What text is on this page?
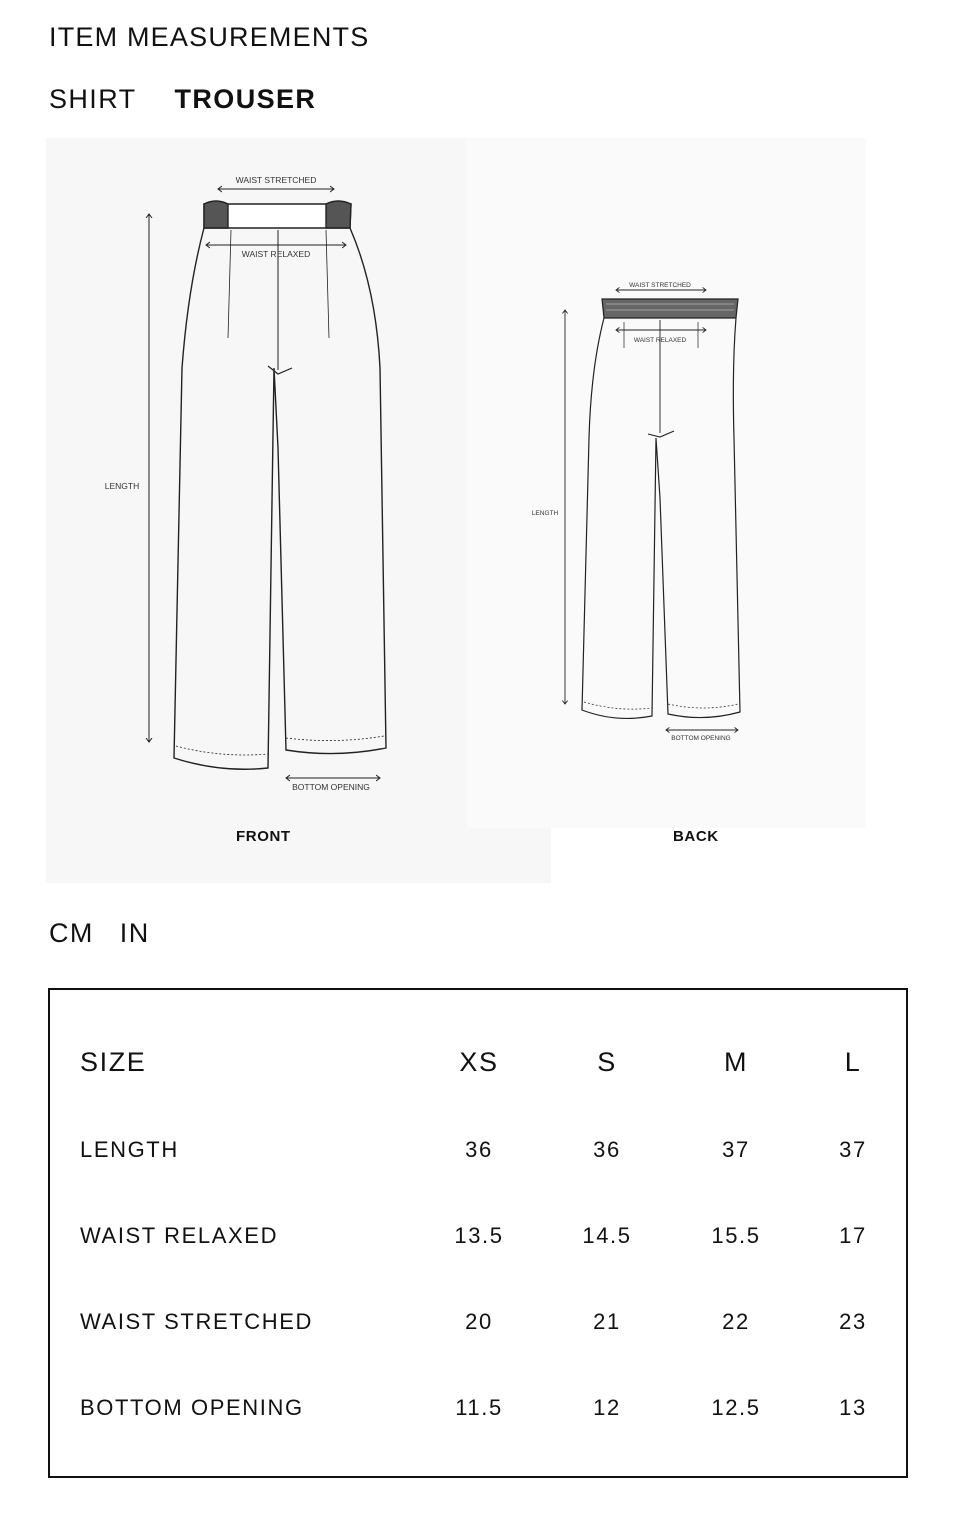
ITEM MEASUREMENTS
SHIRT TROUSER
WAIST STRETCHED
WAIST RELAXED
LENGTH
BOTTOM OPENING
WAIST STRETCHED
WAIST RELAXED
LENGTH
BOTTOM OPENING
FRONT	BACK
CM IN
SIZE	XS	S	M	L
LENGTH	36	36	37	37
WAIST RELAXED	13.5	14.5	15.5	17
WAIST STRETCHED	20	21	22	23
BOTTOM OPENING	11.5	12	12.5	13
